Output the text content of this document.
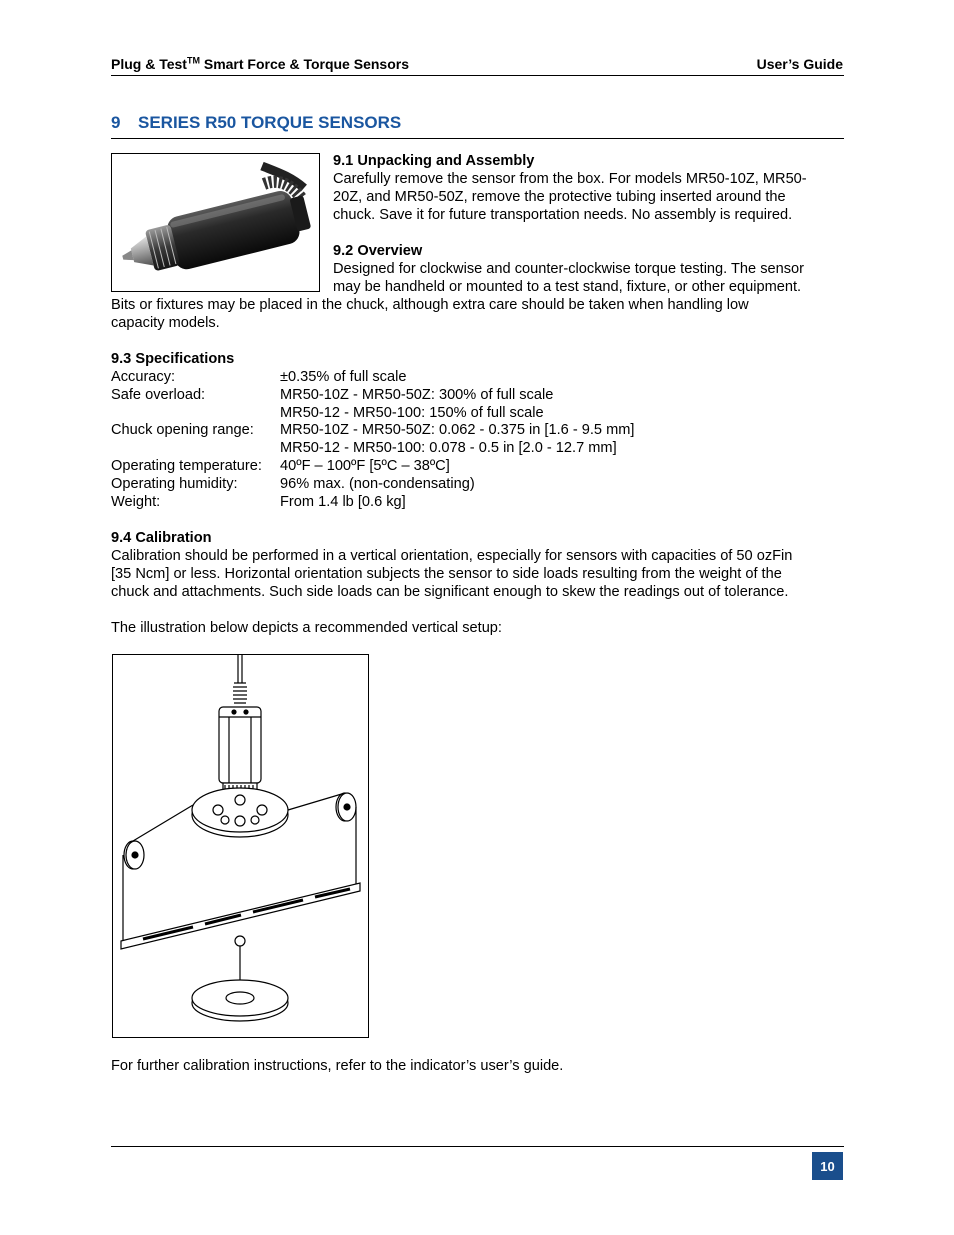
Plug & Test™ Smart Force & Torque Sensors	User’s Guide
9 SERIES R50 TORQUE SENSORS
9.1 Unpacking and Assembly
Carefully remove the sensor from the box. For models MR50-10Z, MR50-
20Z, and MR50-50Z, remove the protective tubing inserted around the
chuck. Save it for future transportation needs. No assembly is required.
9.2 Overview
Designed for clockwise and counter-clockwise torque testing. The sensor
may be handheld or mounted to a test stand, fixture, or other equipment.
Bits or fixtures may be placed in the chuck, although extra care should be taken when handling low
capacity models.
9.3 Specifications
Accuracy:	±0.35% of full scale
Safe overload:	MR50-10Z - MR50-50Z: 300% of full scale
MR50-12 - MR50-100: 150% of full scale
Chuck opening range: MR50-10Z - MR50-50Z: 0.062 - 0.375 in [1.6 - 9.5 mm]
MR50-12 - MR50-100: 0.078 - 0.5 in [2.0 - 12.7 mm]
Operating temperature: 40ºF – 100ºF [5ºC – 38ºC]
Operating humidity:	96% max. (non-condensating)
Weight:	From 1.4 lb [0.6 kg]
9.4 Calibration
Calibration should be performed in a vertical orientation, especially for sensors with capacities of 50 ozFin
[35 Ncm] or less. Horizontal orientation subjects the sensor to side loads resulting from the weight of the
chuck and attachments. Such side loads can be significant enough to skew the readings out of tolerance.
The illustration below depicts a recommended vertical setup:
For further calibration instructions, refer to the indicator’s user’s guide.
10
